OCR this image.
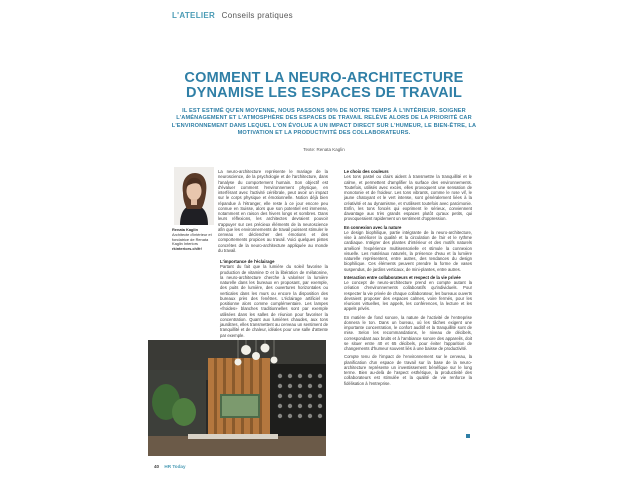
L'ATELIER Conseils pratiques
COMMENT LA NEURO-ARCHITECTURE
DYNAMISE LES ESPACES DE TRAVAIL
IL EST ESTIMÉ QU'EN MOYENNE, NOUS PASSONS 90% DE NOTRE TEMPS À L'INTÉRIEUR. SOIGNER L'AMÉNAGEMENT ET L'ATMOSPHÈRE DES ESPACES DE TRAVAIL RELÈVE ALORS DE LA PRIORITÉ CAR L'ENVIRONNEMENT DANS LEQUEL L'ON ÉVOLUE A UN IMPACT DIRECT SUR L'HUMEUR, LE BIEN-ÊTRE, LA MOTIVATION ET LA PRODUCTIVITÉ DES COLLABORATEURS.
Texte: Renata Kaglin
Renata Kaglin
Architecte d'intérieur et fondatrice de Renata Kaglin Interiors
rkinteriors.ch/fr/

La neuro-architecture représente le mariage de la neuroscience, de la psychologie et de l'architecture, dans l'analyse du comportement humain. Son objectif est d'évaluer comment l'environnement physique, en interférant avec l'activité cérébrale, peut avoir un impact sur le corps physique et émotionnelle. Notion déjà bien répandue à l'étranger, elle reste à ce jour encore peu connue en Suisse, alors que son potentiel est immense, notamment en raison des hivers longs et sombres. Dans leurs réflexions, les architectes devraient pouvoir s'appuyer sur ces précieux éléments de la neuroscience afin que les environnements de travail puissent stimuler le cerveau et déclencher des émotions et des comportements propices au travail. Voici quelques pistes concrètes de la neuro-architecture appliquée au monde du travail.

L'importance de l'éclairage

Partant du fait que la lumière du soleil favorise la production de vitamine D et la libération de mélatonine, la neuro-architecture cherche à valoriser la lumière naturelle dans les bureaux en proposant, par exemple, des puits de lumière, des ouvertures horizontales ou verticales dans les murs ou encore la disposition des bureaux près des fenêtres. L'éclairage artificiel se positionne alors comme complémentaire. Les lampes «froides» blanches traditionnelles sont par exemple utilisées dans les salles de réunion pour favoriser la concentration. Quant aux lumières chaudes, aux tons jaunâtres, elles transmettent au cerveau un sentiment de tranquillité et de chaleur, idéales pour une salle d'attente par exemple.

Le choix des couleurs

Les tons pastel ou clairs aident à transmettre la tranquillité et le calme, et permettent d'amplifier la surface des environnements. Toutefois, utilisés avec excès, elles provoquent une sensation de monotonie et de froideur. Les tons vibrants, comme le rose vif, le jaune chatoyant et le vert intense, sont généralement liées à la créativité et au dynamisme, et s'utilisent toutefois avec parcimonie. Enfin, les tons foncés qui expriment le sérieux, conviennent davantage aux très grands espaces plutôt qu'aux petits, qui provoqueraient rapidement un sentiment d'oppression.

En connexion avec la nature

Le design biophilique, partie intégrante de la neuro-architecture, vise à améliorer la qualité et la circulation de l'air et le rythme cardiaque. Intégrer des plantes d'intérieur et des motifs naturels amélioré l'expérience multisensorielle et stimule la connexion visuelle. Les matériaux naturels, la présence d'eau et la lumière naturelle représentent, entre autres, des tendances du design biophilique. Ces éléments peuvent prendre la forme de vases suspendus, de jardins verticaux, de mini-plantes, entre autres.

Interaction entre collaborateurs et respect de la vie privée

Le concept de neuro-architecture prend en compte autant la création d'environnements collaboratifs qu'individuels. Pour respecter la vie privée de chaque collaborateur, les bureaux ouverts devraient proposer des espaces calmes, voire fermés, pour les réunions virtuelles, les appels, les conférences, la lecture et les appels privés.

En matière de fond sonore, la nature de l'activité de l'entreprise donnera le ton. Dans un bureau, où les tâches exigent une importante concentration, le confort auditif et la tranquillité sont de mise. Selon les recommandations, le niveau de décibels, correspondant aux bruits et à l'ambiance sonore des appareils, doit se situer entre 40 et 65 décibels, pour éviter l'apparition de changements d'humeur souvent liés à une baisse de productivité.

Compte tenu de l'impact de l'environnement sur le cerveau, la planification d'un espace de travail sur la base de la neuro-architecture représente un investissement bénéfique sur le long terme. Bien au-delà de l'aspect esthétique, la productivité des collaborateurs est stimulée et la qualité de vie renforce la fidélisation à l'entreprise.

40 HR Today
